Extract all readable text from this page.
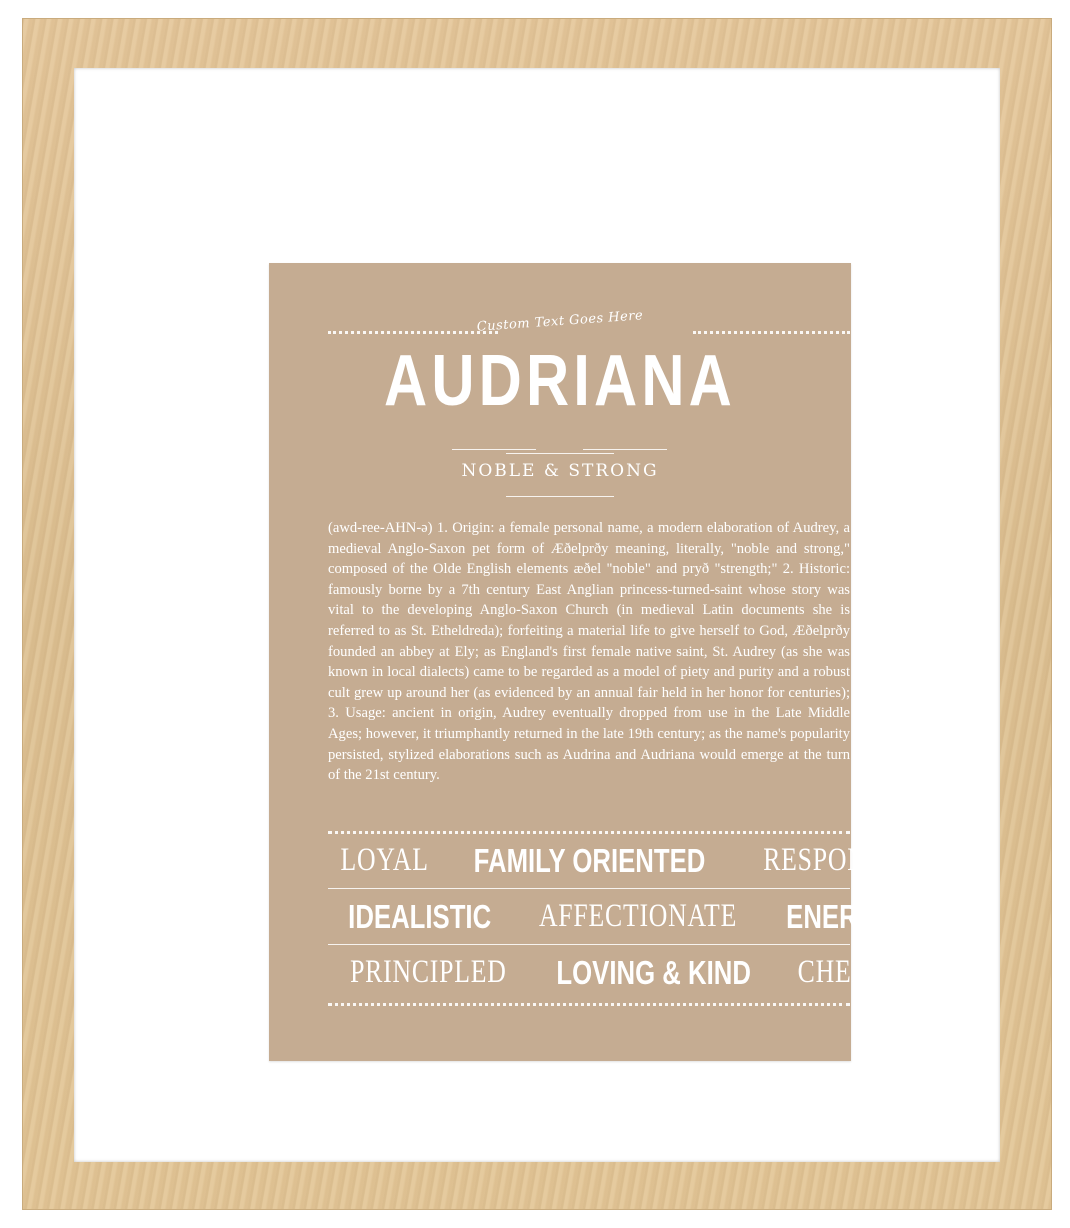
Custom Text Goes Here
AUDRIANA
NOBLE & STRONG
(awd-ree-AHN-ə) 1. Origin: a female personal name, a modern elaboration of Audrey, a medieval Anglo-Saxon pet form of Æðelprðy meaning, literally, "noble and strong," composed of the Olde English elements æðel "noble" and pryð "strength;" 2. Historic: famously borne by a 7th century East Anglian princess-turned-saint whose story was vital to the developing Anglo-Saxon Church (in medieval Latin documents she is referred to as St. Etheldreda); forfeiting a material life to give herself to God, Æðelprðy founded an abbey at Ely; as England's first female native saint, St. Audrey (as she was known in local dialects) came to be regarded as a model of piety and purity and a robust cult grew up around her (as evidenced by an annual fair held in her honor for centuries); 3. Usage: ancient in origin, Audrey eventually dropped from use in the Late Middle Ages; however, it triumphantly returned in the late 19th century; as the name's popularity persisted, stylized elaborations such as Audrina and Audriana would emerge at the turn of the 21st century.
LOYAL FAMILY ORIENTED RESPONSIBLE
IDEALISTIC AFFECTIONATE ENERGETIC
PRINCIPLED LOVING & KIND CHEERFUL
